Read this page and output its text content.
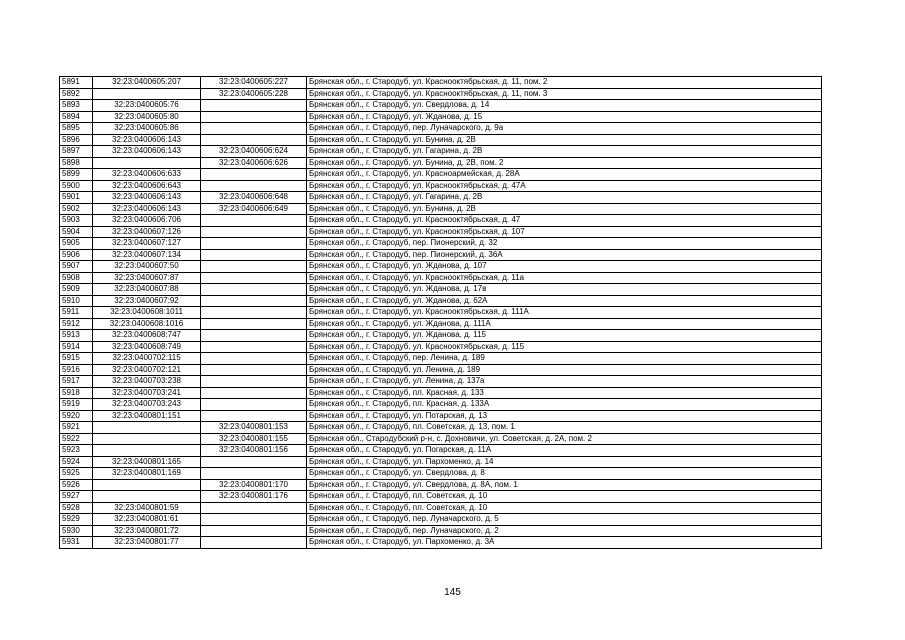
5891	32:23:0400605:207	32:23:0400605:227	Брянская обл., г. Стародуб, ул. Краснооктябрьская, д. 11, пом. 2
5892		32:23:0400605:228	Брянская обл., г. Стародуб, ул. Краснооктябрьская, д. 11, пом. 3
5893	32:23:0400605:76		Брянская обл., г. Стародуб, ул. Свердлова, д. 14
5894	32:23:0400605:80		Брянская обл., г. Стародуб, ул. Жданова, д. 15
5895	32:23:0400605:86		Брянская обл., г. Стародуб, пер. Луначарского, д. 9а
5896	32:23:0400606:143		Брянская обл., г. Стародуб, ул. Бунина, д. 2В
5897	32:23:0400606:143	32:23:0400606:624	Брянская обл., г. Стародуб, ул. Гагарина, д. 2В
5898		32:23:0400606:626	Брянская обл., г. Стародуб, ул. Бунина, д. 2В, пом. 2
5899	32:23:0400606:633		Брянская обл., г. Стародуб, ул. Красноармейская, д. 28А
5900	32:23:0400606:643		Брянская обл., г. Стародуб, ул. Краснооктябрьская, д. 47А
5901	32:23:0400606:143	32:23:0400606:648	Брянская обл., г. Стародуб, ул. Гагарина, д. 2В
5902	32:23:0400606:143	32:23:0400606:649	Брянская обл., г. Стародуб, ул. Бунина, д. 2В
5903	32:23:0400606:706		Брянская обл., г. Стародуб, ул. Краснооктябрьская, д. 47
5904	32:23:0400607:126		Брянская обл., г. Стародуб, ул. Краснооктябрьская, д. 107
5905	32:23:0400607:127		Брянская обл., г. Стародуб, пер. Пионерский, д. 32
5906	32:23:0400607:134		Брянская обл., г. Стародуб, пер. Пионерский, д. 36А
5907	32:23:0400607:50		Брянская обл., г. Стародуб, ул. Жданова, д. 107
5908	32:23:0400607:87		Брянская обл., г. Стародуб, ул. Краснооктябрьская, д. 11а
5909	32:23:0400607:88		Брянская обл., г. Стародуб, ул. Жданова, д. 17в
5910	32:23:0400607:92		Брянская обл., г. Стародуб, ул. Жданова, д. 62А
5911	32:23:0400608:1011		Брянская обл., г. Стародуб, ул. Краснооктябрьская, д. 111А
5912	32:23:0400608:1016		Брянская обл., г. Стародуб, ул. Жданова, д. 111А
5913	32:23:0400608:747		Брянская обл., г. Стародуб, ул. Жданова, д. 115
5914	32:23:0400608:749		Брянская обл., г. Стародуб, ул. Краснооктябрьская, д. 115
5915	32:23:0400702:115		Брянская обл., г. Стародуб, пер. Ленина, д. 189
5916	32:23:0400702:121		Брянская обл., г. Стародуб, ул. Ленина, д. 189
5917	32:23:0400703:238		Брянская обл., г. Стародуб, ул. Ленина, д. 137а
5918	32:23:0400703:241		Брянская обл., г. Стародуб, пл. Красная, д. 133
5919	32:23:0400703:243		Брянская обл., г. Стародуб, пл. Красная, д. 133А
5920	32:23:0400801:151		Брянская обл., г. Стародуб, ул. Потарская, д. 13
5921		32:23:0400801:153	Брянская обл., г. Стародуб, пл. Советская, д. 13, пом. 1
5922		32:23:0400801:155	Брянская обл., Стародубский р-н, с. Дохновичи, ул. Советская, д. 2А, пом. 2
5923		32:23:0400801:156	Брянская обл., г. Стародуб, ул. Погарская, д. 11А
5924	32:23:0400801:165		Брянская обл., г. Стародуб, ул. Пархоменко, д. 14
5925	32:23:0400801:169		Брянская обл., г. Стародуб, ул. Свердлова, д. 8
5926		32:23:0400801:170	Брянская обл., г. Стародуб, ул. Свердлова, д. 8А, пом. 1
5927		32:23:0400801:176	Брянская обл., г. Стародуб, пл. Советская, д. 10
5928	32:23:0400801:59		Брянская обл., г. Стародуб, пл. Советская, д. 10
5929	32:23:0400801:61		Брянская обл., г. Стародуб, пер. Луначарского, д. 5
5930	32:23:0400801:72		Брянская обл., г. Стародуб, пер. Луначарского, д. 2
5931	32:23:0400801:77		Брянская обл., г. Стародуб, ул. Пархоменко, д. 3А
145
